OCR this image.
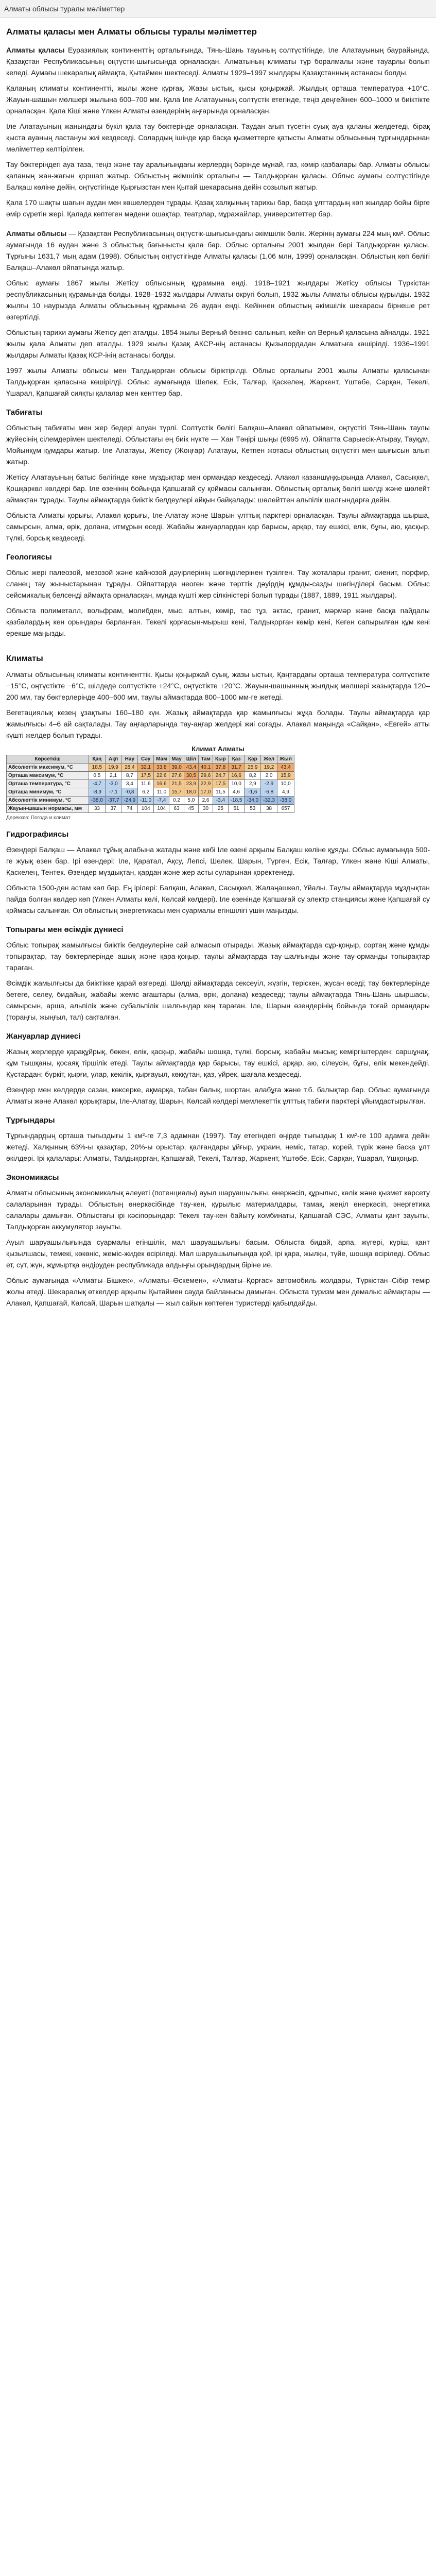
Алматы облысы туралы мәліметтер
Алматы қаласы мен Алматы облысы туралы мәліметтер

Алматы қаласы Еуразиялық континенттің орталығында, Тянь-Шань тауының солтүстігінде, Іле Алатауының баурайында, Қазақстан Республикасының оңтүстік-шығысында орналасқан. Алматының климаты тұр боралмалы және тауарлы болып келеді. Аумағы шекаралық аймақта, Қытаймен шектеседі. Алматы 1929–1997 жылдары Қазақстанның астанасы болды.

Қаланың климаты континентті, жылы және құрғақ. Жазы ыстық, қысы қоңыржай. Жылдық орташа температура +10°C. Жауын-шашын мөлшері жылына 600–700 мм. Қала Іле Алатауының солтүстік етегінде, теңіз деңгейінен 600–1000 м биіктікте орналасқан. Қала Кіші және Үлкен Алматы өзендерінің аңғарында орналасқан.

Іле Алатауының жанындағы бүкіл қала тау бөктерінде орналасқан. Таудан ағып түсетін суық ауа қаланы желдетеді, бірақ қыста ауаның ластануы жиі кездеседі. Солардың ішінде қар басқа қызметтерге қатысты Алматы облысының тұрғындарынан мәліметтер келтірілген.

Тау бөктеріндегі ауа таза, теңіз және тау аралығындағы жерлердің бәрінде мұнай, газ, көмір қазбалары бар. Алматы облысы қаланың жан-жағын қоршап жатыр. Облыстың әкімшілік орталығы — Талдықорған қаласы. Облыс аумағы солтүстігінде Балқаш көліне дейін, оңтүстігінде Қырғызстан мен Қытай шекарасына дейін созылып жатыр.

Қала 170 шақты шағын аудан мен көшелерден тұрады. Қазақ халқының тарихы бар, басқа ұлттардың көп жылдар бойы бірге өмір сүретін жері. Қалада көптеген мәдени ошақтар, театрлар, мұражайлар, университеттер бар.

Алматы облысы — Қазақстан Республикасының оңтүстік-шығысындағы әкімшілік бөлік. Жерінің аумағы 224 мың км². Облыс аумағында 16 аудан және 3 облыстық бағынысты қала бар. Облыс орталығы 2001 жылдан бері Талдықорған қаласы. Тұрғыны 1631,7 мың адам (1998). Облыстың оңтүстігінде Алматы қаласы (1,06 млн, 1999) орналасқан. Облыстың көп бөлігі Балқаш–Алакөл ойпатында жатыр.

Облыс аумағы 1867 жылы Жетісу облысының құрамына енді. 1918–1921 жылдары Жетісу облысы Түркістан республикасының құрамында болды. 1928–1932 жылдары Алматы округі болып, 1932 жылы Алматы облысы құрылды. 1932 жылғы 10 наурызда Алматы облысының құрамына 26 аудан енді. Кейіннен облыстың әкімшілік шекарасы бірнеше рет өзгертілді.

Облыстың тарихи аумағы Жетісу деп аталды. 1854 жылы Верный бекінісі салынып, кейін ол Верный қаласына айналды. 1921 жылы қала Алматы деп аталды. 1929 жылы Қазақ АКСР-нің астанасы Қызылордадан Алматыға көшірілді. 1936–1991 жылдары Алматы Қазақ КСР-інің астанасы болды.

1997 жылы Алматы облысы мен Талдықорған облысы біріктірілді. Облыс орталығы 2001 жылы Алматы қаласынан Талдықорған қаласына көшірілді. Облыс аумағында Шелек, Есік, Талғар, Қаскелең, Жаркент, Үштөбе, Сарқан, Текелі, Үшарал, Қапшағай сияқты қалалар мен кенттер бар.

Табиғаты

Облыстың табиғаты мен жер бедері алуан түрлі. Солтүстік бөлігі Балқаш–Алакөл ойпатымен, оңтүстігі Тянь-Шань таулы жүйесінің сілемдерімен шектеледі. Облыстағы ең биік нүкте — Хан Тәңірі шыңы (6995 м). Ойпатта Сарыесік-Атырау, Тауқұм, Мойынқұм құмдары жатыр. Іле Алатауы, Жетісу (Жоңғар) Алатауы, Кетпен жотасы облыстың оңтүстігі мен шығысын алып жатыр.

Жетісу Алатауының батыс бөлігінде көне мұздықтар мен ормандар кездеседі. Алакөл қазаншұңқырында Алакөл, Сасықкөл, Қошқаркөл көлдері бар. Іле өзенінің бойында Қапшағай су қоймасы салынған. Облыстың орталық бөлігі шөлді және шөлейт аймақтан тұрады. Таулы аймақтарда биіктік белдеулері айқын байқалады: шөлейттен альпілік шалғындарға дейін.

Облыста Алматы қорығы, Алакөл қорығы, Іле-Алатау және Шарын ұлттық парктері орналасқан. Таулы аймақтарда шырша, самырсын, алма, өрік, долана, итмұрын өседі. Жабайы жануарлардан қар барысы, арқар, тау ешкісі, елік, бұғы, аю, қасқыр, түлкі, борсық кездеседі.

Геологиясы

Облыс жері палеозой, мезозой және кайнозой дәуірлерінің шөгінділерінен түзілген. Тау жоталары гранит, сиенит, порфир, сланец тау жыныстарынан тұрады. Ойпаттарда неоген және төрттік дәуірдің құмды-сазды шөгінділері басым. Облыс сейсмикалық белсенді аймақта орналасқан, мұнда күшті жер сілкіністері болып тұрады (1887, 1889, 1911 жылдары).

Облыста полиметалл, вольфрам, молибден, мыс, алтын, көмір, тас тұз, әктас, гранит, мәрмәр және басқа пайдалы қазбалардың кен орындары барланған. Текелі қорғасын-мырыш кені, Талдықорған көмір кені, Кеген сапырылған құм кені ерекше маңызды.

Климаты

Алматы облысының климаты континенттік. Қысы қоңыржай суық, жазы ыстық. Қаңтардағы орташа температура солтүстікте −15°C, оңтүстікте −6°C, шілдеде солтүстікте +24°C, оңтүстікте +20°C. Жауын-шашынның жылдық мөлшері жазықтарда 120–200 мм, тау бөктерлерінде 400–600 мм, таулы аймақтарда 800–1000 мм-ге жетеді.

Вегетациялық кезең ұзақтығы 160–180 күн. Жазық аймақтарда қар жамылғысы жұқа болады. Таулы аймақтарда қар жамылғысы 4–6 ай сақталады. Тау аңғарларында тау-аңғар желдері жиі соғады. Алакөл маңында «Сайқан», «Евгей» атты күшті желдер болып тұрады.

Климат Алматы
Көрсеткіш	Қаң	Ақп	Нау	Сәу	Мам	Мау	Шіл	Там	Қыр	Қаз	Қар	Жел	Жыл
Абсолюттік максимум, °C	18,5	19,9	28,4	32,1	33,8	39,0	43,4	40,1	37,8	31,7	25,9	19,2	43,4
Орташа максимум, °C	0,5	2,1	8,7	17,5	22,6	27,6	30,5	29,6	24,7	16,6	8,2	2,0	15,9
Орташа температура, °C	-4,7	-3,0	3,4	11,6	16,6	21,5	23,9	22,9	17,5	10,0	2,9	-2,9	10,0
Орташа минимум, °C	-8,9	-7,1	-0,8	6,2	11,0	15,7	18,0	17,0	11,5	4,6	-1,6	-6,8	4,9
Абсолюттік минимум, °C	-38,0	-37,7	-24,9	-11,0	-7,4	0,2	5,0	2,6	-3,4	-18,5	-34,0	-32,3	-38,0
Жауын-шашын нормасы, мм	33	37	74	104	104	63	45	30	25	51	53	38	657
Дереккөз: Погода и климат
Гидрографиясы

Өзендері Балқаш — Алакөл тұйық алабына жатады және көбі Іле өзені арқылы Балқаш көліне құяды. Облыс аумағында 500-ге жуық өзен бар. Ірі өзендері: Іле, Қаратал, Ақсу, Лепсі, Шелек, Шарын, Түрген, Есік, Талғар, Үлкен және Кіші Алматы, Қаскелең, Тентек. Өзендер мұздықтан, қардан және жер асты суларынан қоректенеді.

Облыста 1500-ден астам көл бар. Ең ірілері: Балқаш, Алакөл, Сасықкөл, Жалаңашкөл, Үйалы. Таулы аймақтарда мұздықтан пайда болған көлдер көп (Үлкен Алматы көлі, Көлсай көлдері). Іле өзенінде Қапшағай су электр станциясы және Қапшағай су қоймасы салынған. Ол облыстың энергетикасы мен суармалы егіншілігі үшін маңызды.

Топырағы мен өсімдік дүниесі

Облыс топырақ жамылғысы биіктік белдеулеріне сай алмасып отырады. Жазық аймақтарда сұр-қоңыр, сортаң және құмды топырақтар, тау бөктерлерінде ашық және қара-қоңыр, таулы аймақтарда тау-шалғынды және тау-орманды топырақтар тараған.

Өсімдік жамылғысы да биіктікке қарай өзгереді. Шөлді аймақтарда сексеуіл, жүзгін, теріскен, жусан өседі; тау бөктерлерінде бетеге, селеу, бидайық, жабайы жеміс ағаштары (алма, өрік, долана) кездеседі; таулы аймақтарда Тянь-Шань шыршасы, самырсын, арша, альпілік және субальпілік шалғындар кең тараған. Іле, Шарын өзендерінің бойында тоғай ормандары (тораңғы, жыңғыл, тал) сақталған.

Жануарлар дүниесі

Жазық жерлерде қарақұйрық, бөкен, елік, қасқыр, жабайы шошқа, түлкі, борсық, жабайы мысық; кеміргіштерден: саршұнақ, құм тышқаны, қосаяқ тіршілік етеді. Таулы аймақтарда қар барысы, тау ешкісі, арқар, аю, сілеусін, бұғы, елік мекендейді. Құстардан: бүркіт, қырғи, ұлар, кекілік, қырғауыл, көкқұтан, қаз, үйрек, шағала кездеседі.

Өзендер мен көлдерде сазан, көксерке, ақмарқа, табан балық, шортан, алабұға және т.б. балықтар бар. Облыс аумағында Алматы және Алакөл қорықтары, Іле-Алатау, Шарын, Көлсай көлдері мемлекеттік ұлттық табиғи парктері ұйымдастырылған.

Тұрғындары

Тұрғындардың орташа тығыздығы 1 км²-ге 7,3 адамнан (1997). Тау етегіндегі өңірде тығыздық 1 км²-ге 100 адамға дейін жетеді. Халқының 63%-ы қазақтар, 20%-ы орыстар, қалғандары ұйғыр, украин, неміс, татар, корей, түрік және басқа ұлт өкілдері. Ірі қалалары: Алматы, Талдықорған, Қапшағай, Текелі, Талғар, Жаркент, Үштөбе, Есік, Сарқан, Үшарал, Үшқоңыр.

Экономикасы

Алматы облысының экономикалық әлеуеті (потенциалы) ауыл шаруашылығы, өнеркәсіп, құрылыс, көлік және қызмет көрсету салаларынан тұрады. Облыстың өнеркәсібінде тау-кен, құрылыс материалдары, тамақ, жеңіл өнеркәсіп, энергетика салалары дамыған. Облыстағы ірі кәсіпорындар: Текелі тау-кен байыту комбинаты, Қапшағай СЭС, Алматы қант зауыты, Талдықорған аккумулятор зауыты.

Ауыл шаруашылығында суармалы егіншілік, мал шаруашылығы басым. Облыста бидай, арпа, жүгері, күріш, қант қызылшасы, темекі, көкөніс, жеміс-жидек өсіріледі. Мал шаруашылығында қой, ірі қара, жылқы, түйе, шошқа өсіріледі. Облыс ет, сүт, жүн, жұмыртқа өндіруден республикада алдыңғы орындардың біріне ие.

Облыс аумағында «Алматы–Бішкек», «Алматы–Өскемен», «Алматы–Қорғас» автомобиль жолдары, Түркістан–Сібір темір жолы өтеді. Шекаралық өткелдер арқылы Қытаймен сауда байланысы дамыған. Облыста туризм мен демалыс аймақтары — Алакөл, Қапшағай, Көлсай, Шарын шатқалы — жыл сайын көптеген туристерді қабылдайды.
